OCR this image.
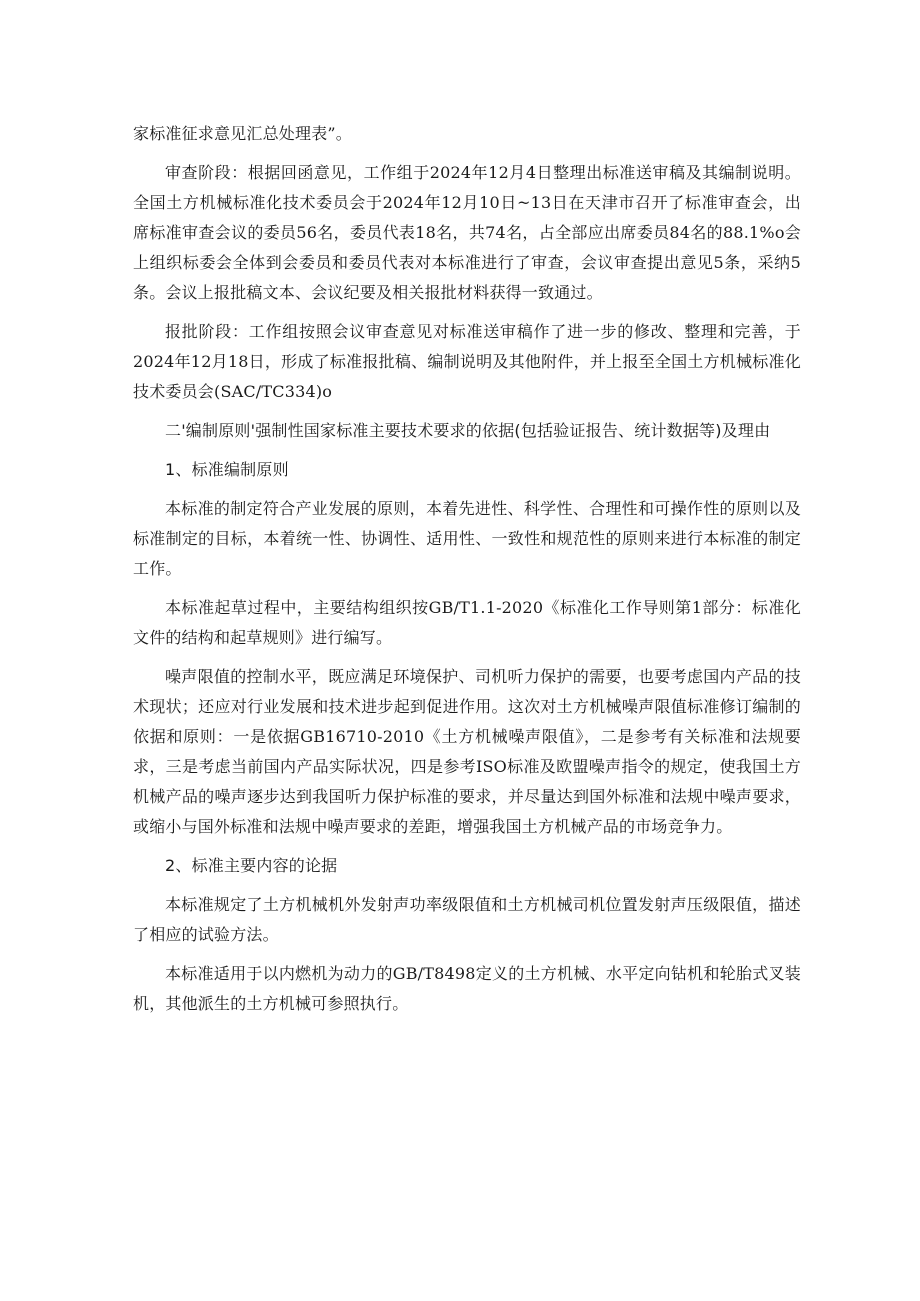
家标准征求意见汇总处理表”。

审查阶段：根据回函意见，工作组于2024年12月4日整理出标准送审稿及其编制说明。全国土方机械标准化技术委员会于2024年12月10日~13日在天津市召开了标准审查会，出席标准审查会议的委员56名，委员代表18名，共74名，占全部应出席委员84名的88.1%o会上组织标委会全体到会委员和委员代表对本标准进行了审查，会议审查提出意见5条，采纳5条。会议上报批稿文本、会议纪要及相关报批材料获得一致通过。

报批阶段：工作组按照会议审查意见对标准送审稿作了进一步的修改、整理和完善，于2024年12月18日，形成了标准报批稿、编制说明及其他附件，并上报至全国土方机械标准化技术委员会(SAC/TC334)o

二'编制原则'强制性国家标准主要技术要求的依据(包括验证报告、统计数据等)及理由

1、标准编制原则

本标准的制定符合产业发展的原则，本着先进性、科学性、合理性和可操作性的原则以及标准制定的目标，本着统一性、协调性、适用性、一致性和规范性的原则来进行本标准的制定工作。

本标准起草过程中，主要结构组织按GB/T1.1-2020《标准化工作导则第1部分：标准化文件的结构和起草规则》进行编写。

噪声限值的控制水平，既应满足环境保护、司机听力保护的需要，也要考虑国内产品的技术现状；还应对行业发展和技术进步起到促进作用。这次对土方机械噪声限值标准修订编制的依据和原则：一是依据GB16710-2010《土方机械噪声限值》，二是参考有关标准和法规要求，三是考虑当前国内产品实际状况，四是参考ISO标准及欧盟噪声指令的规定，使我国土方机械产品的噪声逐步达到我国听力保护标准的要求，并尽量达到国外标准和法规中噪声要求，或缩小与国外标准和法规中噪声要求的差距，增强我国土方机械产品的市场竞争力。

2、标准主要内容的论据

本标准规定了土方机械机外发射声功率级限值和土方机械司机位置发射声压级限值，描述了相应的试验方法。

本标准适用于以内燃机为动力的GB/T8498定义的土方机械、水平定向钻机和轮胎式叉装机，其他派生的土方机械可参照执行。
